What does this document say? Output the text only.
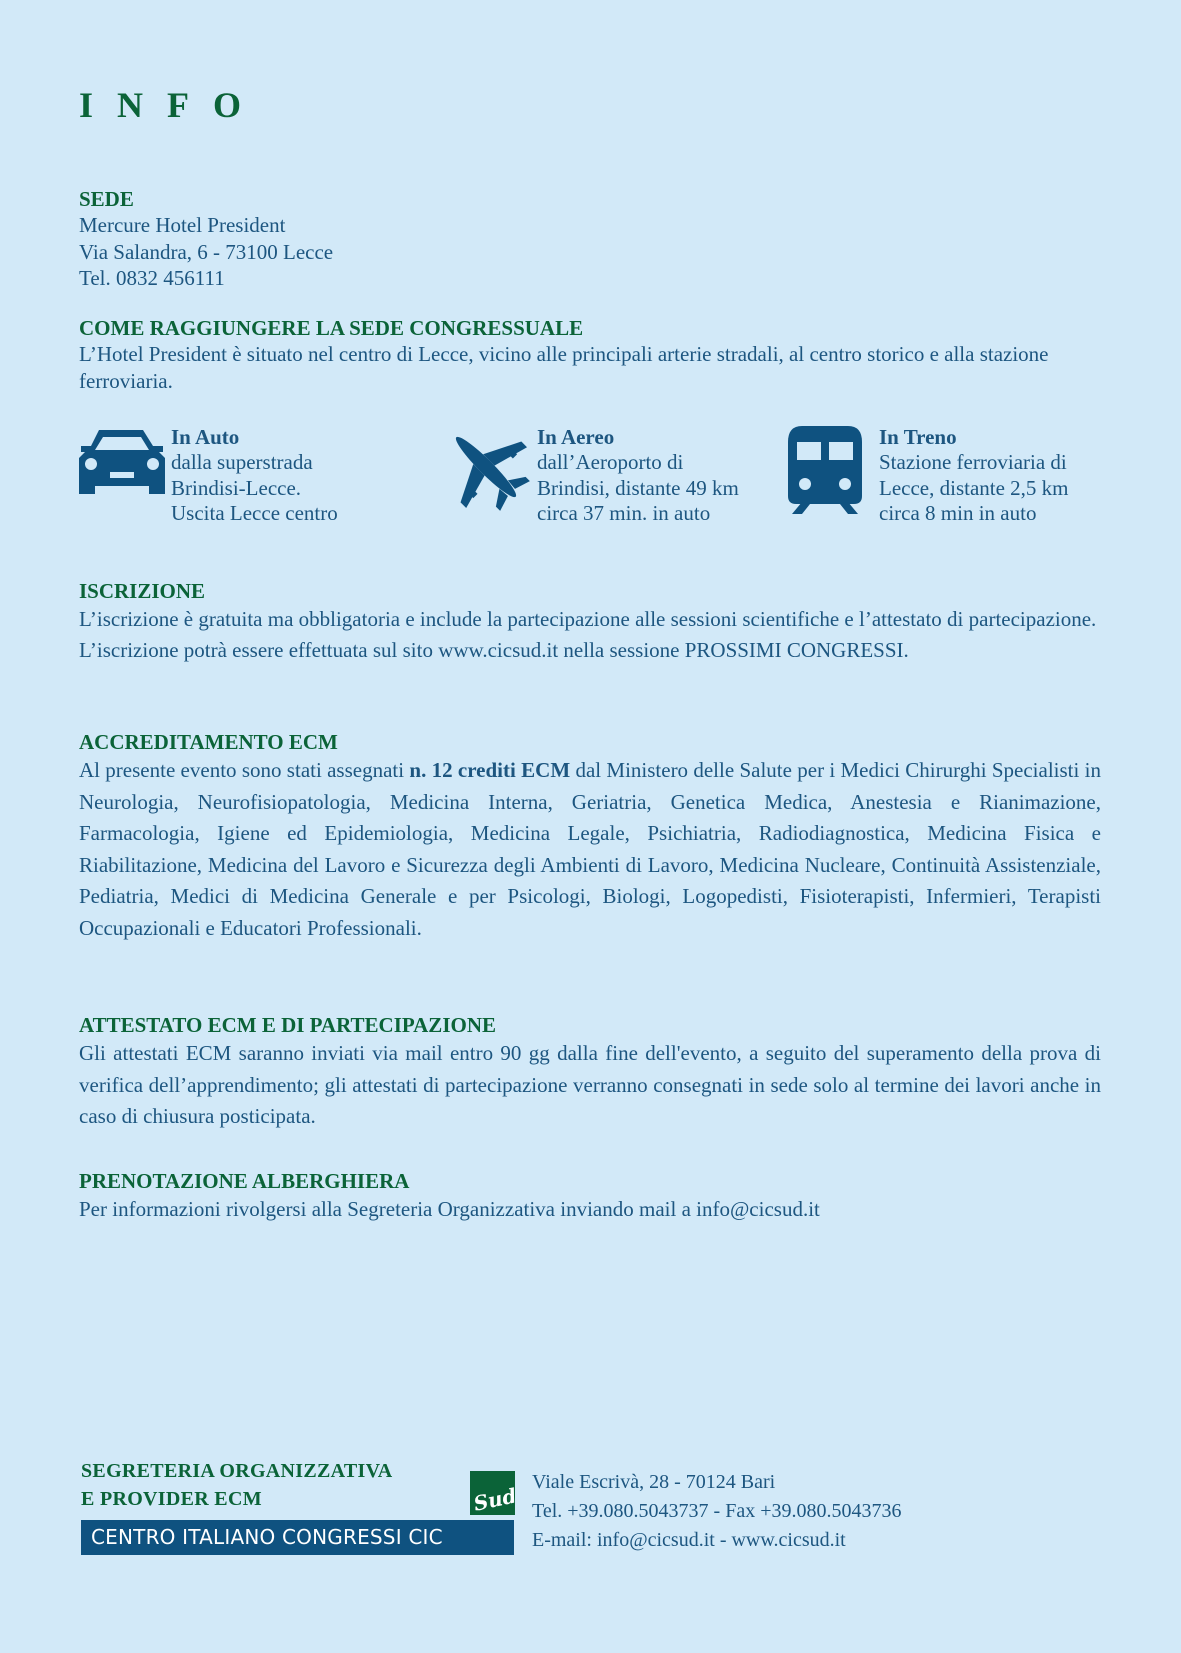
INFO

SEDE

Mercure Hotel President

Via Salandra, 6 - 73100 Lecce

Tel. 0832 456111

COME RAGGIUNGERE LA SEDE CONGRESSUALE

L’Hotel President è situato nel centro di Lecce, vicino alle principali arterie stradali, al centro storico e alla stazione ferroviaria.

In Auto
dalla superstrada
Brindisi-Lecce.
Uscita Lecce centro
In Aereo
dall’Aeroporto di
Brindisi, distante 49 km
circa 37 min. in auto
In Treno
Stazione ferroviaria di
Lecce, distante 2,5 km
circa 8 min in auto

ISCRIZIONE

L’iscrizione è gratuita ma obbligatoria e include la partecipazione alle sessioni scientifiche e l’attestato di partecipazione. L’iscrizione potrà essere effettuata sul sito www.cicsud.it nella sessione PROSSIMI CONGRESSI.

ACCREDITAMENTO ECM

Al presente evento sono stati assegnati n. 12 crediti ECM dal Ministero delle Salute per i Medici Chirurghi Specialisti in Neurologia, Neurofisiopatologia, Medicina Interna, Geriatria, Genetica Medica, Anestesia e Rianimazione, Farmacologia, Igiene ed Epidemiologia, Medicina Legale, Psichiatria, Radiodiagnostica, Medicina Fisica e Riabilitazione, Medicina del Lavoro e Sicurezza degli Ambienti di Lavoro, Medicina Nucleare, Continuità Assistenziale, Pediatria, Medici di Medicina Generale e per Psicologi, Biologi, Logopedisti, Fisioterapisti, Infermieri, Terapisti Occupazionali e Educatori Professionali.

ATTESTATO ECM E DI PARTECIPAZIONE

Gli attestati ECM saranno inviati via mail entro 90 gg dalla fine dell'evento, a seguito del superamento della prova di verifica dell’apprendimento; gli attestati di partecipazione verranno consegnati in sede solo al termine dei lavori anche in caso di chiusura posticipata.

PRENOTAZIONE ALBERGHIERA

Per informazioni rivolgersi alla Segreteria Organizzativa inviando mail a info@cicsud.it

SEGRETERIA ORGANIZZATIVA
E PROVIDER ECM
CENTRO ITALIANO CONGRESSI CIC
Sud
Viale Escrivà, 28 - 70124 Bari
Tel. +39.080.5043737 - Fax +39.080.5043736
E-mail: info@cicsud.it - www.cicsud.it
